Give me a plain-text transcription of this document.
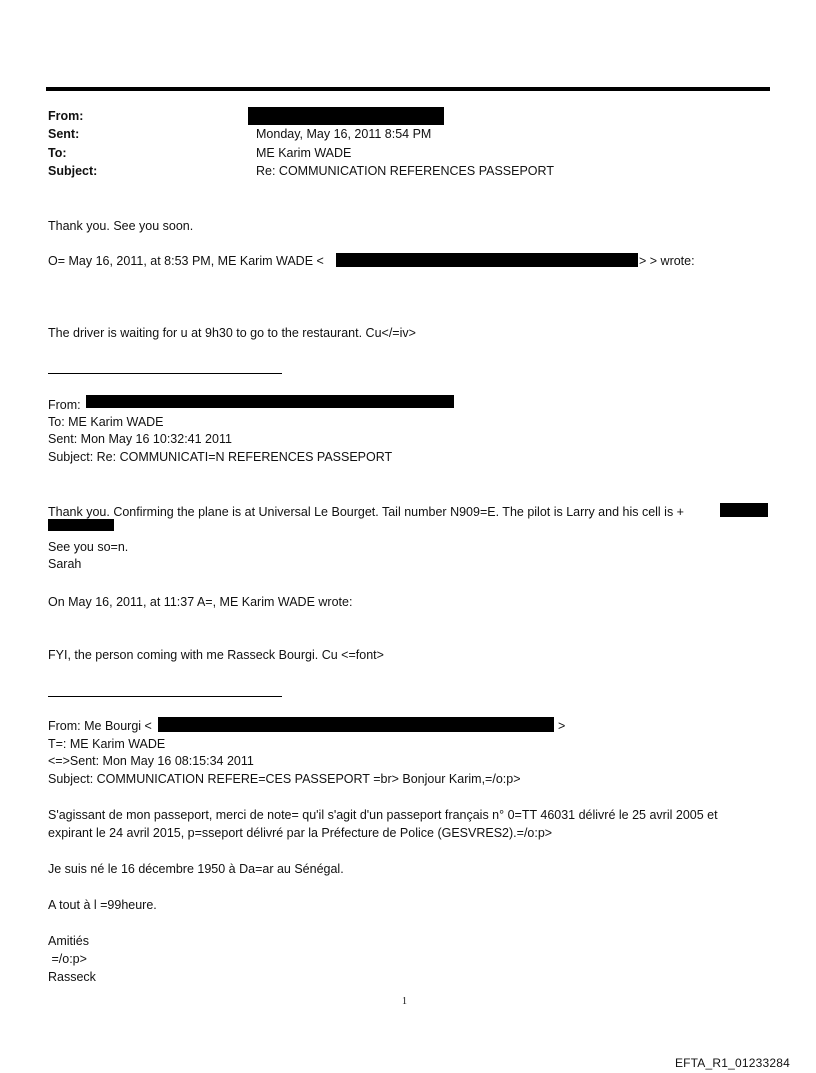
From:
Sent:	Monday, May 16, 2011 8:54 PM
To:	ME Karim WADE
Subject:	Re: COMMUNICATION REFERENCES PASSEPORT
Thank you. See you soon.
O= May 16, 2011, at 8:53 PM, ME Karim WADE <	> > wrote:
The driver is waiting for u at 9h30 to go to the restaurant. Cu</=iv>
From:
To: ME Karim WADE
Sent: Mon May 16 10:32:41 2011
Subject: Re: COMMUNICATI=N REFERENCES PASSEPORT
Thank you. Confirming the plane is at Universal Le Bourget. Tail number N909=E. The pilot is Larry and his cell is +
See you so=n.
Sarah
On May 16, 2011, at 11:37 A=, ME Karim WADE wrote:
FYI, the person coming with me Rasseck Bourgi. Cu <=font>
From: Me Bourgi <	>
T=: ME Karim WADE
<=>Sent: Mon May 16 08:15:34 2011
Subject: COMMUNICATION REFERE=CES PASSEPORT =br> Bonjour Karim,=/o:p>
S'agissant de mon passeport, merci de note= qu'il s'agit d'un passeport français n° 0=TT 46031 délivré le 25 avril 2005 et
expirant le 24 avril 2015, p=sseport délivré par la Préfecture de Police (GESVRES2).=/o:p>
Je suis né le 16 décembre 1950 à Da=ar au Sénégal.
A tout à l =99heure.
Amitiés
=/o:p>
Rasseck
1
EFTA_R1_01233284
